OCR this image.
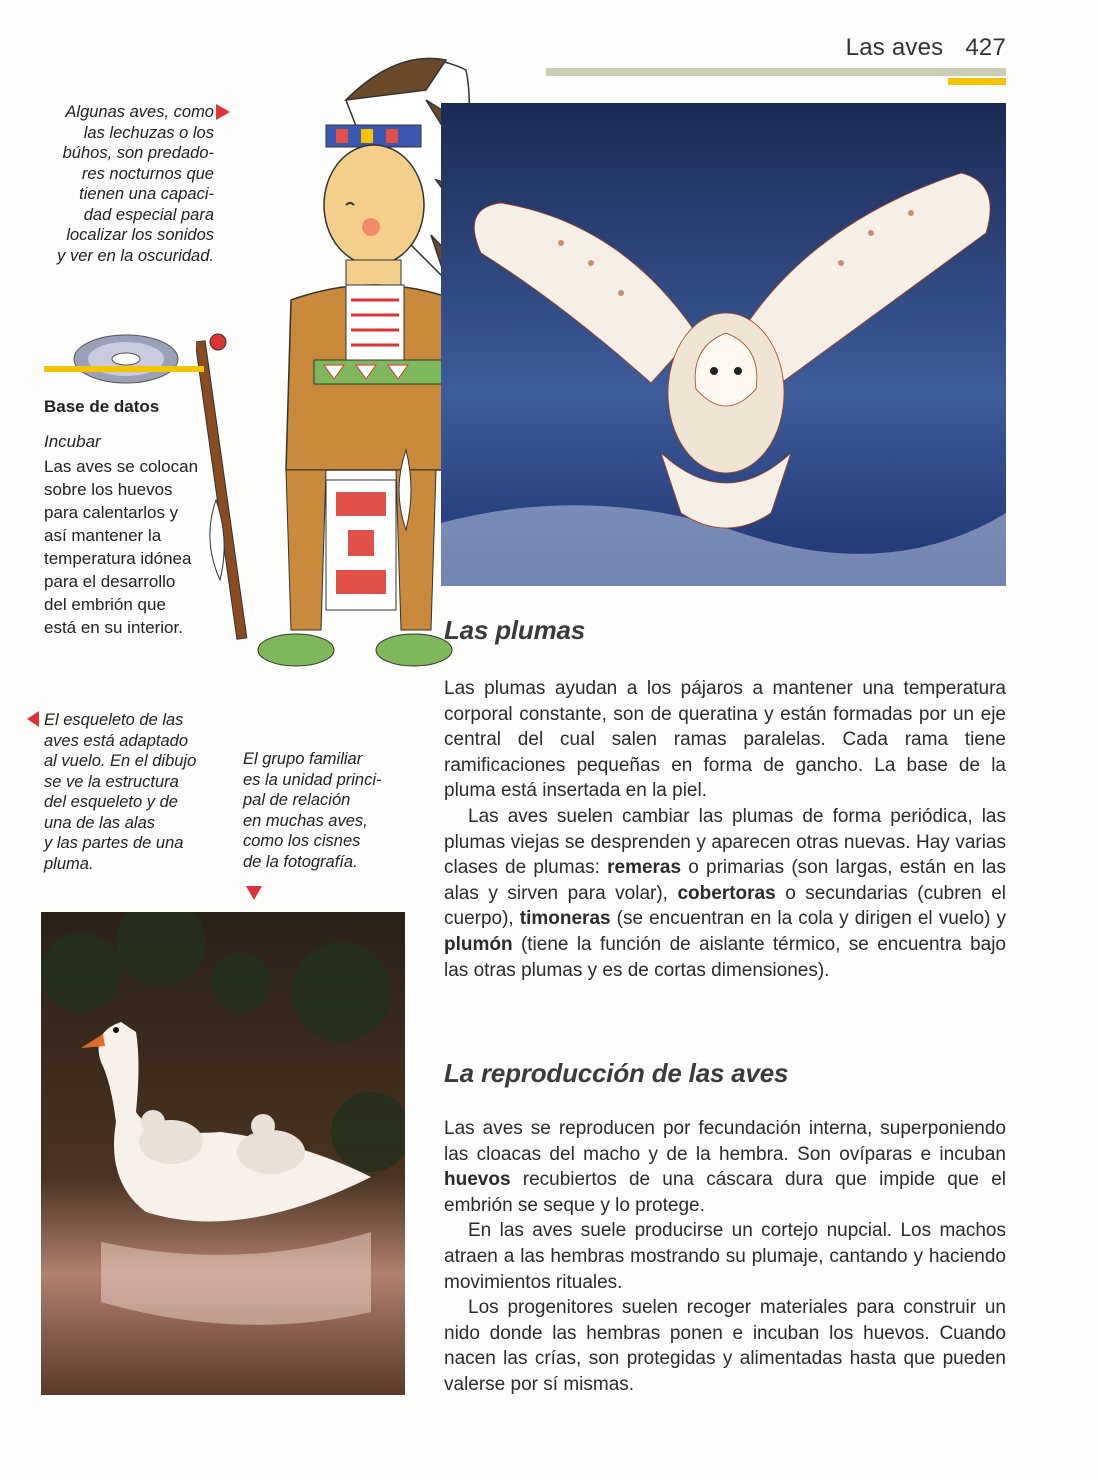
Las aves 427
Algunas aves, como
las lechuzas o los
búhos, son predado-
res nocturnos que
tienen una capaci-
dad especial para
localizar los sonidos
y ver en la oscuridad.
Base de datos
Incubar
Las aves se colocan
sobre los huevos
para calentarlos y
así mantener la
temperatura idónea
para el desarrollo
del embrión que
está en su interior.	Las plumas

Las plumas ayudan a los pájaros a mantener una temperatura corporal constante, son de queratina y están formadas por un eje central del cual salen ramas paralelas. Cada rama tiene ramificaciones pequeñas en forma de gancho. La base de la pluma está insertada en la piel.

Las aves suelen cambiar las plumas de forma periódica, las plumas viejas se desprenden y aparecen otras nuevas. Hay varias clases de plumas: remeras o primarias (son largas, están en las alas y sirven para volar), cobertoras o secundarias (cubren el cuerpo), timoneras (se encuentran en la cola y dirigen el vuelo) y plumón (tiene la función de aislante térmico, se encuentra bajo las otras plumas y es de cortas dimensiones).

El esqueleto de las
aves está adaptado
al vuelo. En el dibujo
se ve la estructura
del esqueleto y de
una de las alas
y las partes de una
pluma.
El grupo familiar
es la unidad princi-
pal de relación
en muchas aves,
como los cisnes
de la fotografía.
La reproducción de las aves

Las aves se reproducen por fecundación interna, superponiendo las cloacas del macho y de la hembra. Son ovíparas e incuban huevos recubiertos de una cáscara dura que impide que el embrión se seque y lo protege.

En las aves suele producirse un cortejo nupcial. Los machos atraen a las hembras mostrando su plumaje, cantando y haciendo movimientos rituales.

Los progenitores suelen recoger materiales para construir un nido donde las hembras ponen e incuban los huevos. Cuando nacen las crías, son protegidas y alimentadas hasta que pueden valerse por sí mismas.
